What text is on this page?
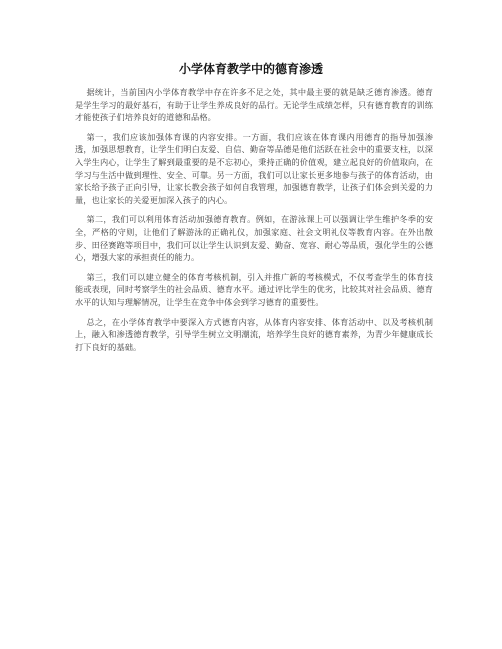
小学体育教学中的德育渗透

据统计，当前国内小学体育教学中存在许多不足之处，其中最主要的就是缺乏德育渗透。德育是学生学习的最好基石，有助于让学生养成良好的品行。无论学生成绩怎样，只有德育教育的训练才能使孩子们培养良好的道德和品格。

第一，我们应该加强体育课的内容安排。一方面，我们应该在体育课内用德育的指导加强渗透，加强思想教育，让学生们明白友爱、自信、勤奋等品德是他们活跃在社会中的重要支柱，以深入学生内心，让学生了解到最重要的是不忘初心，秉持正确的价值观，建立起良好的价值取向，在学习与生活中做到理性、安全、可靠。另一方面，我们可以让家长更多地参与孩子的体育活动，由家长给予孩子正向引导，让家长教会孩子如何自我管理，加强德育教学，让孩子们体会到关爱的力量，也让家长的关爱更加深入孩子的内心。

第二，我们可以利用体育活动加强德育教育。例如，在游泳课上可以强调让学生维护冬季的安全，严格的守则，让他们了解游泳的正确礼仪，加强家庭、社会文明礼仪等教育内容。在外出散步、田径赛跑等项目中，我们可以让学生认识到友爱、勤奋、宽容、耐心等品质，强化学生的公德心，增强大家的承担责任的能力。

第三，我们可以建立健全的体育考核机制，引入并推广新的考核模式，不仅考查学生的体育技能或表现，同时考察学生的社会品质、德育水平。通过评比学生的优劣，比较其对社会品质、德育水平的认知与理解情况，让学生在竞争中体会到学习德育的重要性。

总之，在小学体育教学中要深入方式德育内容，从体育内容安排、体育活动中、以及考核机制上，融入和渗透德育教学，引导学生树立文明潮流，培养学生良好的德育素养，为青少年健康成长打下良好的基础。
